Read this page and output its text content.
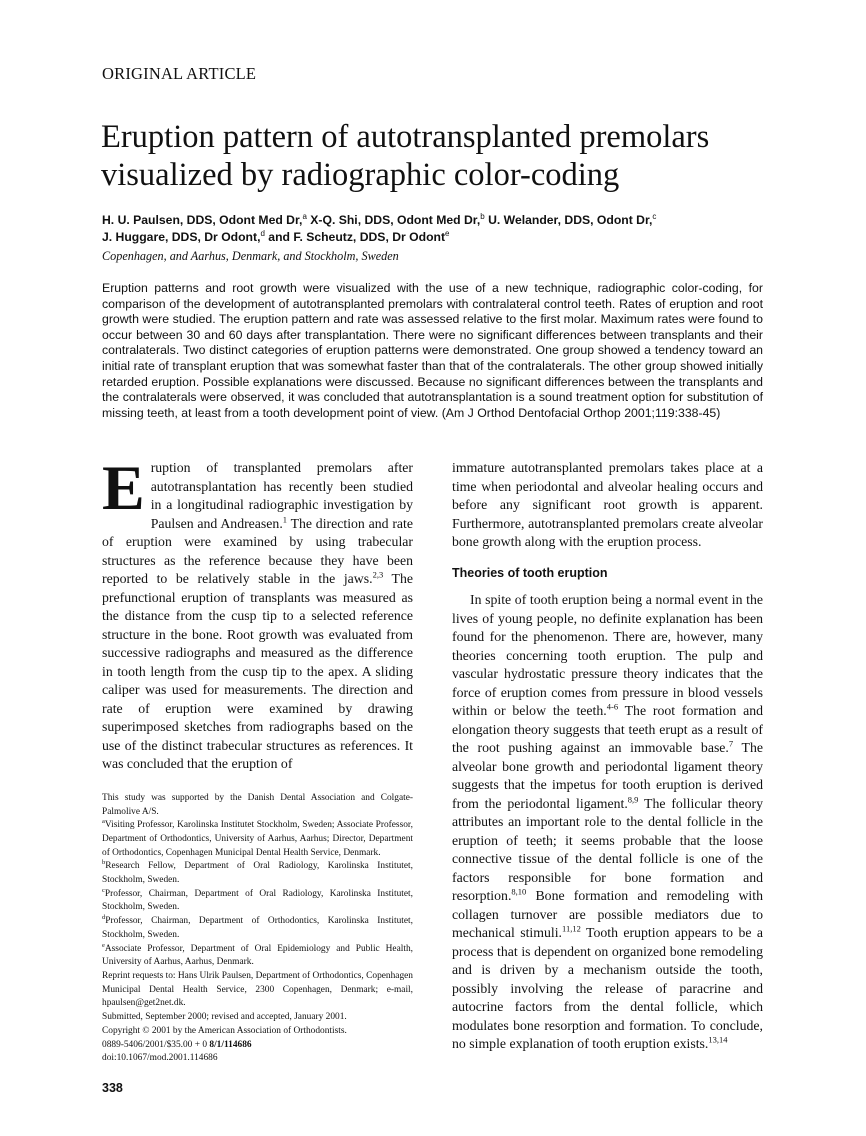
ORIGINAL ARTICLE
Eruption pattern of autotransplanted premolars visualized by radiographic color-coding
H. U. Paulsen, DDS, Odont Med Dr,$^a$ X-Q. Shi, DDS, Odont Med Dr,$^b$ U. Welander, DDS, Odont Dr,$^c$
J. Huggare, DDS, Dr Odont,$^d$ and F. Scheutz, DDS, Dr Odont$^e$
Copenhagen, and Aarhus, Denmark, and Stockholm, Sweden
Eruption patterns and root growth were visualized with the use of a new technique, radiographic color-coding, for comparison of the development of autotransplanted premolars with contralateral control teeth. Rates of eruption and root growth were studied. The eruption pattern and rate was assessed relative to the first molar. Maximum rates were found to occur between 30 and 60 days after transplantation. There were no significant differences between transplants and their contralaterals. Two distinct categories of eruption patterns were demonstrated. One group showed a tendency toward an initial rate of transplant eruption that was somewhat faster than that of the contralaterals. The other group showed initially retarded eruption. Possible explanations were discussed. Because no significant differences between the transplants and the contralaterals were observed, it was concluded that autotransplantation is a sound treatment option for substitution of missing teeth, at least from a tooth development point of view. (Am J Orthod Dentofacial Orthop 2001;119:338-45)
E ruption of transplanted premolars after autotransplantation has recently been studied in a longitudinal radiographic investigation by Paulsen and Andreasen.$^1$ The direction and rate of eruption were examined by using trabecular structures as the reference because they have been reported to be relatively stable in the jaws.$^{2,3}$ The prefunctional eruption of transplants was measured as the distance from the cusp tip to a selected reference structure in the bone. Root growth was evaluated from successive radiographs and measured as the difference in tooth length from the cusp tip to the apex. A sliding caliper was used for measurements. The direction and rate of eruption were examined by drawing superimposed sketches from radiographs based on the use of the distinct trabecular structures as references. It was concluded that the eruption of

This study was supported by the Danish Dental Association and Colgate-Palmolive A/S.

$^a$Visiting Professor, Karolinska Institutet Stockholm, Sweden; Associate Professor, Department of Orthodontics, University of Aarhus, Aarhus; Director, Department of Orthodontics, Copenhagen Municipal Dental Health Service, Denmark.

$^b$Research Fellow, Department of Oral Radiology, Karolinska Institutet, Stockholm, Sweden.

$^c$Professor, Chairman, Department of Oral Radiology, Karolinska Institutet, Stockholm, Sweden.

$^d$Professor, Chairman, Department of Orthodontics, Karolinska Institutet, Stockholm, Sweden.

$^e$Associate Professor, Department of Oral Epidemiology and Public Health, University of Aarhus, Aarhus, Denmark.

Reprint requests to: Hans Ulrik Paulsen, Department of Orthodontics, Copenhagen Municipal Dental Health Service, 2300 Copenhagen, Denmark; e-mail, hpaulsen@get2net.dk.

Submitted, September 2000; revised and accepted, January 2001.

Copyright © 2001 by the American Association of Orthodontists.

0889-5406/2001/$35.00 + 0 8/1/114686

doi:10.1067/mod.2001.114686

immature autotransplanted premolars takes place at a time when periodontal and alveolar healing occurs and before any significant root growth is apparent. Furthermore, autotransplanted premolars create alveolar bone growth along with the eruption process.

Theories of tooth eruption

In spite of tooth eruption being a normal event in the lives of young people, no definite explanation has been found for the phenomenon. There are, however, many theories concerning tooth eruption. The pulp and vascular hydrostatic pressure theory indicates that the force of eruption comes from pressure in blood vessels within or below the teeth.$^{4-6}$ The root formation and elongation theory suggests that teeth erupt as a result of the root pushing against an immovable base.$^7$ The alveolar bone growth and periodontal ligament theory suggests that the impetus for tooth eruption is derived from the periodontal ligament.$^{8,9}$ The follicular theory attributes an important role to the dental follicle in the eruption of teeth; it seems probable that the loose connective tissue of the dental follicle is one of the factors responsible for bone formation and resorption.$^{8,10}$ Bone formation and remodeling with collagen turnover are possible mediators due to mechanical stimuli.$^{11,12}$ Tooth eruption appears to be a process that is dependent on organized bone remodeling and is driven by a mechanism outside the tooth, possibly involving the release of paracrine and autocrine factors from the dental follicle, which modulates bone resorption and formation. To conclude, no simple explanation of tooth eruption exists.$^{13,14}$

338
